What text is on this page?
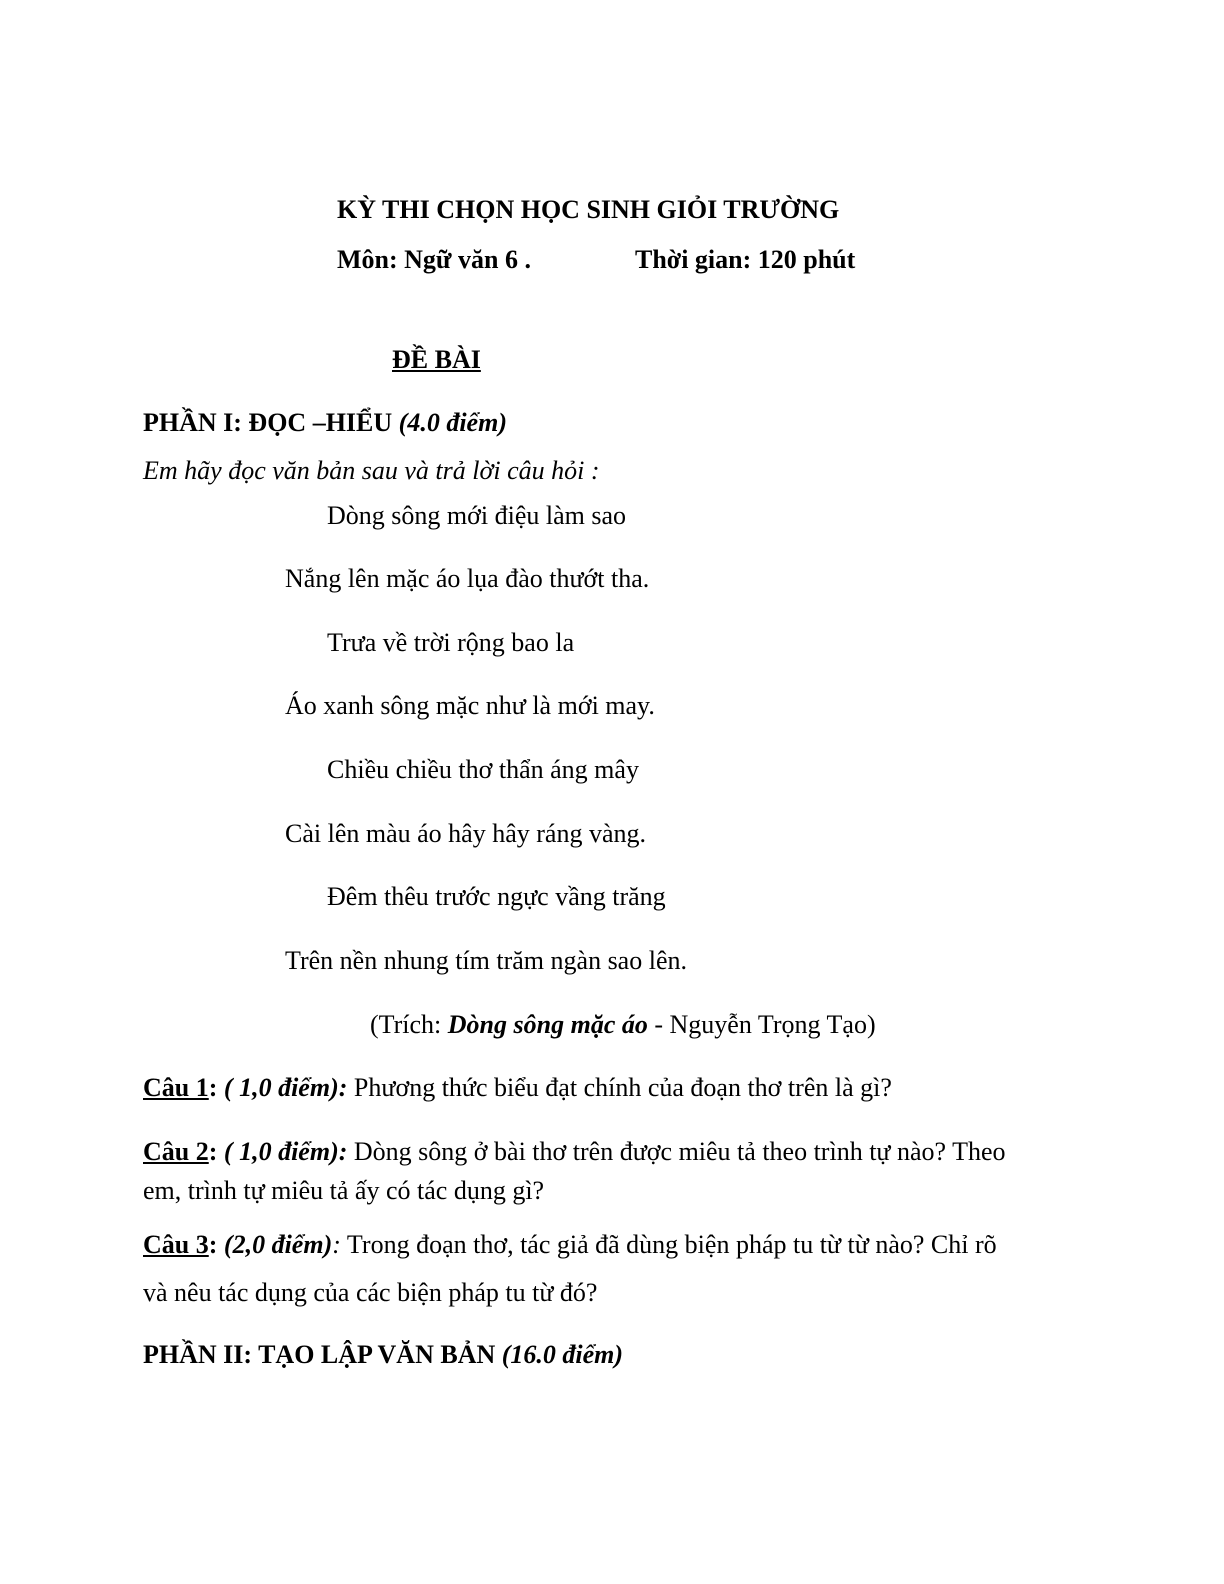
KỲ THI CHỌN HỌC SINH GIỎI TRƯỜNG
Môn: Ngữ văn 6 .	Thời gian: 120 phút
ĐỀ BÀI
PHẦN I: ĐỌC –HIỂU (4.0 điểm)
Em hãy đọc văn bản sau và trả lời câu hỏi :
Dòng sông mới điệu làm sao
Nắng lên mặc áo lụa đào thướt tha.
Trưa về trời rộng bao la
Áo xanh sông mặc như là mới may.
Chiều chiều thơ thẩn áng mây
Cài lên màu áo hây hây ráng vàng.
Đêm thêu trước ngực vầng trăng
Trên nền nhung tím trăm ngàn sao lên.
(Trích: Dòng sông mặc áo - Nguyễn Trọng Tạo)
Câu 1: ( 1,0 điểm): Phương thức biểu đạt chính của đoạn thơ trên là gì?
Câu 2: ( 1,0 điểm): Dòng sông ở bài thơ trên được miêu tả theo trình tự nào? Theo
em, trình tự miêu tả ấy có tác dụng gì?
Câu 3: (2,0 điểm): Trong đoạn thơ, tác giả đã dùng biện pháp tu từ từ nào? Chỉ rõ
và nêu tác dụng của các biện pháp tu từ đó?
PHẦN II: TẠO LẬP VĂN BẢN (16.0 điểm)
